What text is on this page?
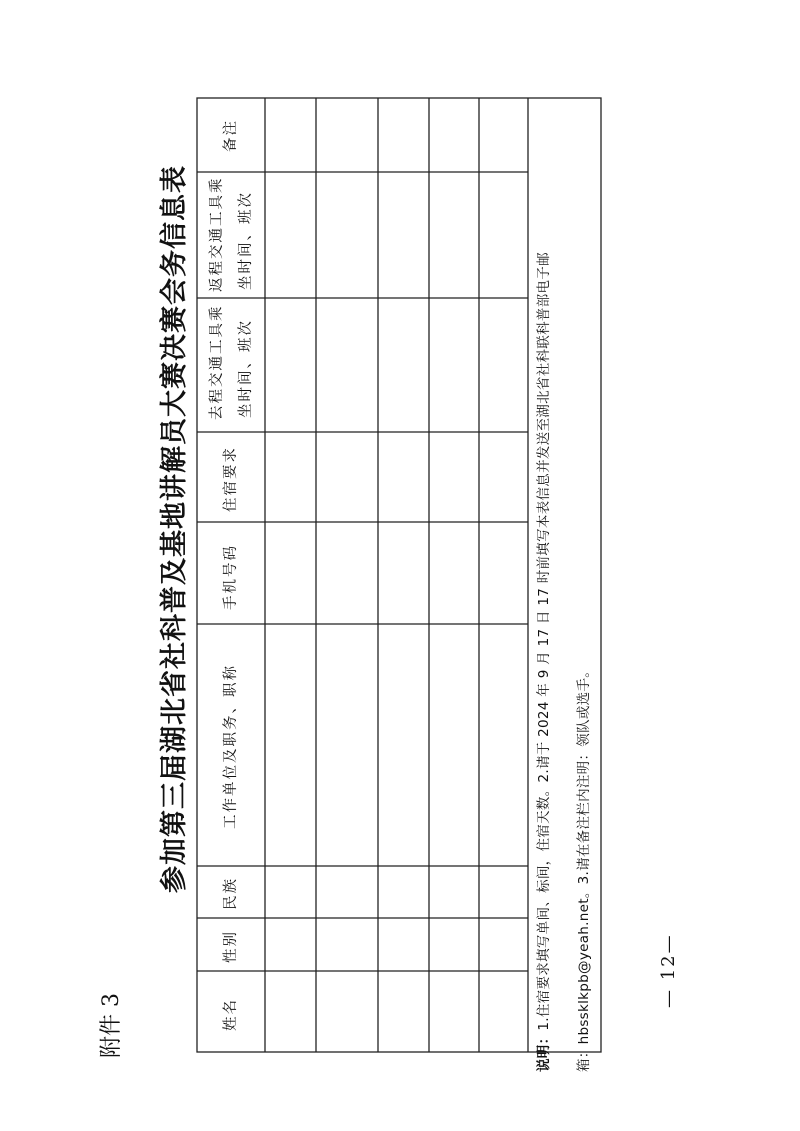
附件 3
参加第三届湖北省社科普及基地讲解员大赛决赛会务信息表
姓名
性别
民族
工作单位及职务、职称
手机号码
住宿要求
去程交通工具乘 坐时间、班次
返程交通工具乘 坐时间、班次
备注
说明：1.住宿要求填写单间、标间，住宿天数。2.请于 2024 年 9 月 17 日 17 时前填写本表信息并发送至湖北省社科联科普部电子邮 箱：hbssklkpb@yeah.net。3.请在备注栏内注明：领队或选手。	— 12—
